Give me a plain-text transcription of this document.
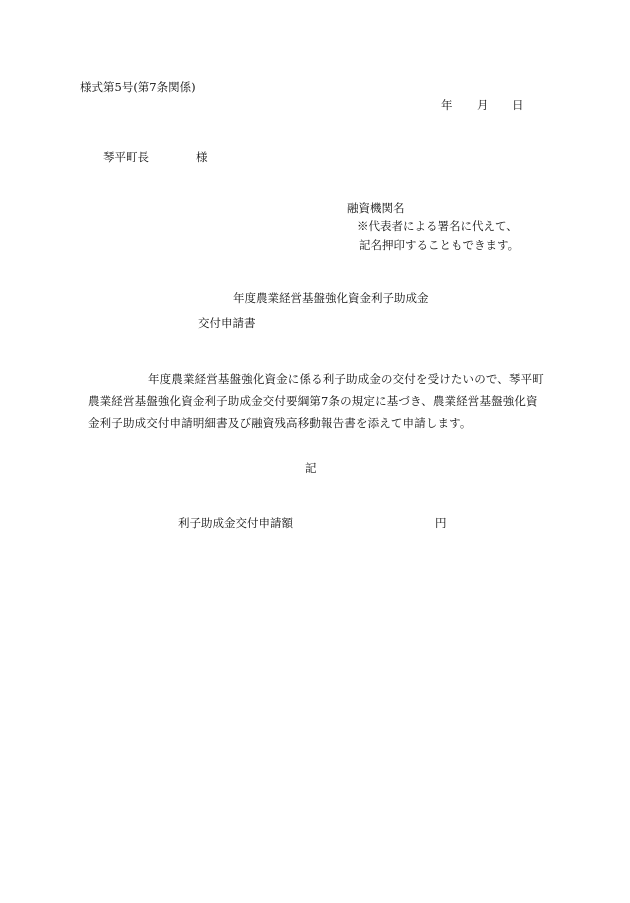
様式第5号(第7条関係)
年 月 日
琴平町長	様
融資機関名
※代表者による署名に代えて、
記名押印することもできます。
年度農業経営基盤強化資金利子助成金
交付申請書
年度農業経営基盤強化資金に係る利子助成金の交付を受けたいので、琴平町
農業経営基盤強化資金利子助成金交付要綱第7条の規定に基づき、農業経営基盤強化資
金利子助成交付申請明細書及び融資残高移動報告書を添えて申請します。
記
利子助成金交付申請額	円
